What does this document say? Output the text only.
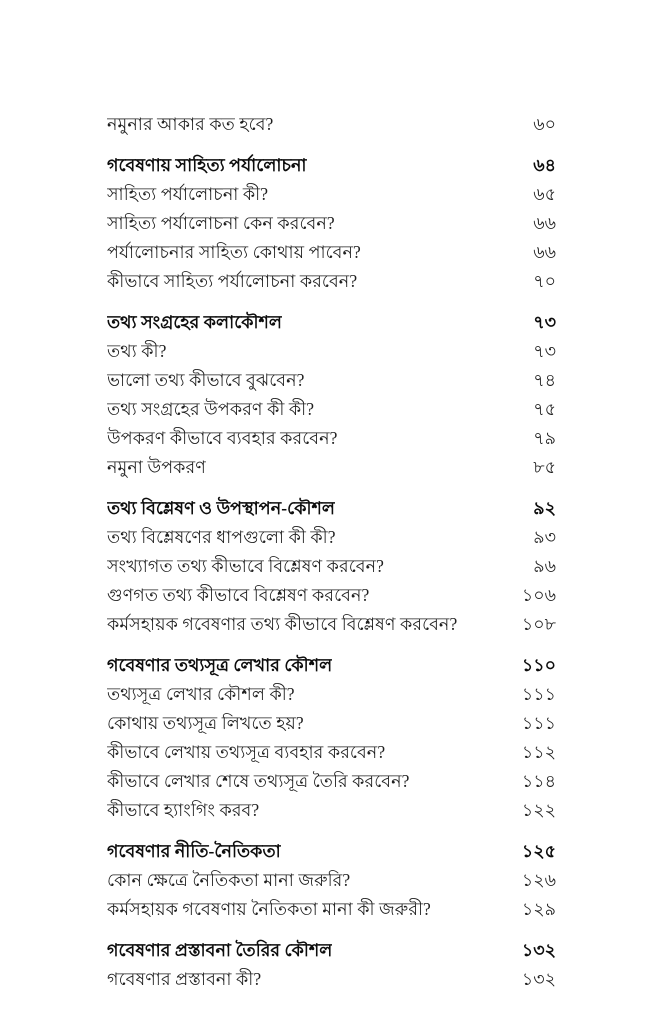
নমুনার আকার কত হবে?	৬০
গবেষণায় সাহিত্য পর্যালোচনা	৬৪
সাহিত্য পর্যালোচনা কী?	৬৫
সাহিত্য পর্যালোচনা কেন করবেন?	৬৬
পর্যালোচনার সাহিত্য কোথায় পাবেন?	৬৬
কীভাবে সাহিত্য পর্যালোচনা করবেন?	৭০
তথ্য সংগ্রহের কলাকৌশল	৭৩
তথ্য কী?	৭৩
ভালো তথ্য কীভাবে বুঝবেন?	৭৪
তথ্য সংগ্রহের উপকরণ কী কী?	৭৫
উপকরণ কীভাবে ব্যবহার করবেন?	৭৯
নমুনা উপকরণ	৮৫
তথ্য বিশ্লেষণ ও উপস্থাপন-কৌশল	৯২
তথ্য বিশ্লেষণের ধাপগুলো কী কী?	৯৩
সংখ্যাগত তথ্য কীভাবে বিশ্লেষণ করবেন?	৯৬
গুণগত তথ্য কীভাবে বিশ্লেষণ করবেন?	১০৬
কর্মসহায়ক গবেষণার তথ্য কীভাবে বিশ্লেষণ করবেন?	১০৮
গবেষণার তথ্যসূত্র লেখার কৌশল	১১০
তথ্যসূত্র লেখার কৌশল কী?	১১১
কোথায় তথ্যসূত্র লিখতে হয়?	১১১
কীভাবে লেখায় তথ্যসূত্র ব্যবহার করবেন?	১১২
কীভাবে লেখার শেষে তথ্যসূত্র তৈরি করবেন?	১১৪
কীভাবে হ্যাংগিং করব?	১২২
গবেষণার নীতি-নৈতিকতা	১২৫
কোন ক্ষেত্রে নৈতিকতা মানা জরুরি?	১২৬
কর্মসহায়ক গবেষণায় নৈতিকতা মানা কী জরুরী?	১২৯
গবেষণার প্রস্তাবনা তৈরির কৌশল	১৩২
গবেষণার প্রস্তাবনা কী?	১৩২
